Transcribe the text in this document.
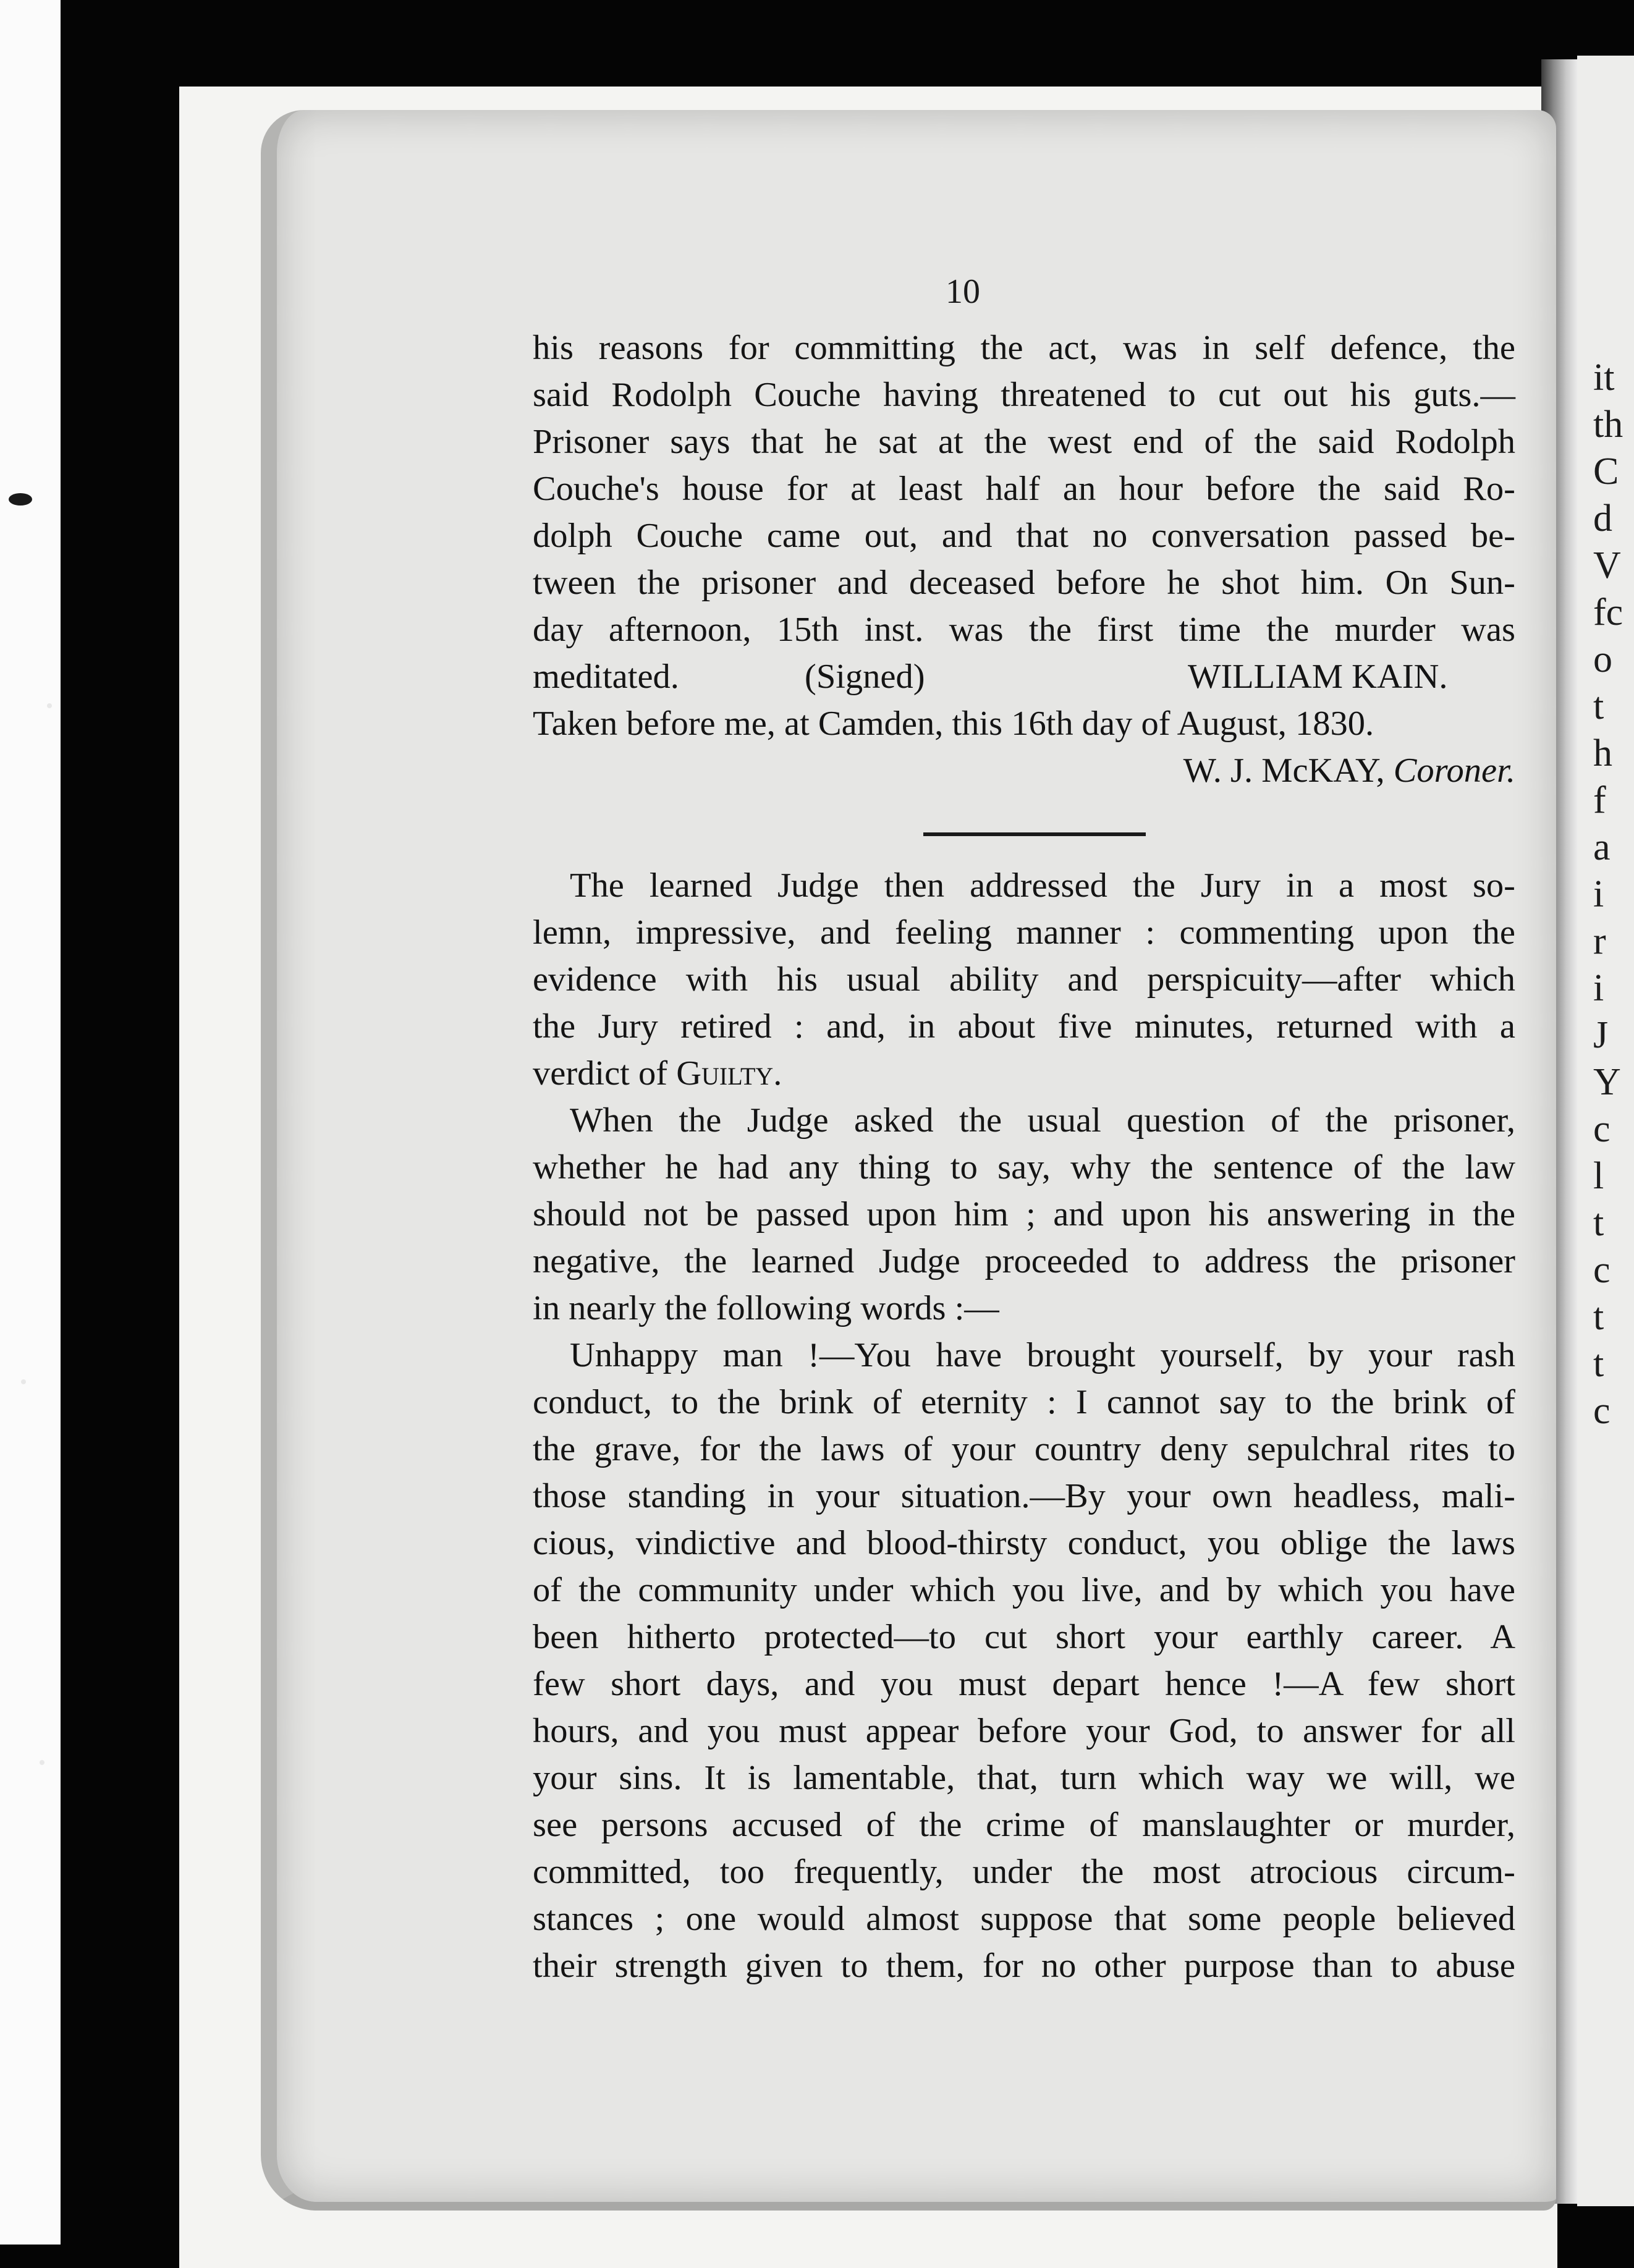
it
th
C
d
V
fc
o
t
h
f
a
i
r
i
J
Y
c
l
t
c
t
t
c
10
his reasons for committing the act, was in self defence, the
said Rodolph Couche having threatened to cut out his guts.—
Prisoner says that he sat at the west end of the said Rodolph
Couche's house for at least half an hour before the said Ro-
dolph Couche came out, and that no conversation passed be-
tween the prisoner and deceased before he shot him. On Sun-
day afternoon, 15th inst. was the first time the murder was
meditated.	(Signed)	WILLIAM KAIN.
Taken before me, at Camden, this 16th day of August, 1830.
W. J. McKAY, Coroner.
The learned Judge then addressed the Jury in a most so-
lemn, impressive, and feeling manner : commenting upon the
evidence with his usual ability and perspicuity—after which
the Jury retired : and, in about five minutes, returned with a
verdict of Guilty.
When the Judge asked the usual question of the prisoner,
whether he had any thing to say, why the sentence of the law
should not be passed upon him ; and upon his answering in the
negative, the learned Judge proceeded to address the prisoner
in nearly the following words :—
Unhappy man !—You have brought yourself, by your rash
conduct, to the brink of eternity : I cannot say to the brink of
the grave, for the laws of your country deny sepulchral rites to
those standing in your situation.—By your own headless, mali-
cious, vindictive and blood-thirsty conduct, you oblige the laws
of the community under which you live, and by which you have
been hitherto protected—to cut short your earthly career. A
few short days, and you must depart hence !—A few short
hours, and you must appear before your God, to answer for all
your sins. It is lamentable, that, turn which way we will, we
see persons accused of the crime of manslaughter or murder,
committed, too frequently, under the most atrocious circum-
stances ; one would almost suppose that some people believed
their strength given to them, for no other purpose than to abuse
